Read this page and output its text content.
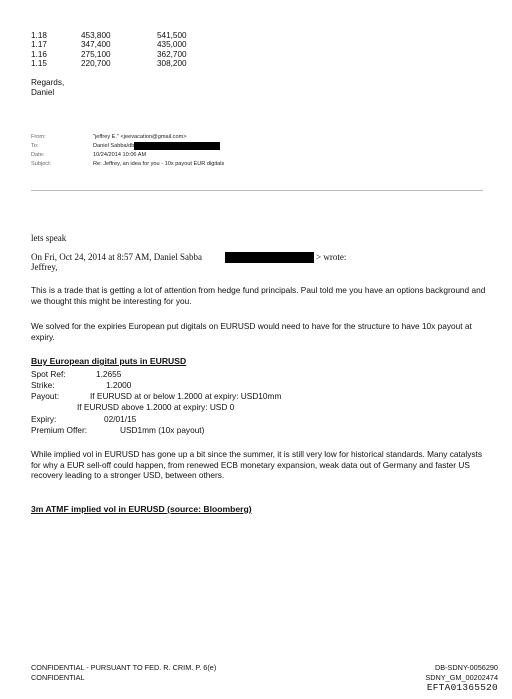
1.18	453,800	541,500
1.17	347,400	435,000
1.16	275,100	362,700
1.15	220,700	308,200
Regards,
Daniel
From:	"jeffrey E." <jeevacation@gmail.com>
To:	Daniel Sabba/db
Date:	10/24/2014 10:06 AM
Subject:	Re: Jeffrey, an idea for you - 10x payout EUR digitals
lets speak
On Fri, Oct 24, 2014 at 8:57 AM, Daniel Sabba	> wrote:
Jeffrey,
This is a trade that is getting a lot of attention from hedge fund principals. Paul told me you have an options background and we thought this might be interesting for you.
We solved for the expiries European put digitals on EURUSD would need to have for the structure to have 10x payout at expiry.
Buy European digital puts in EURUSD
Spot Ref:	1.2655
Strike:	1.2000
Payout:	If EURUSD at or below 1.2000 at expiry: USD10mm
If EURUSD above 1.2000 at expiry: USD 0
Expiry:	02/01/15
Premium Offer:	USD1mm (10x payout)
While implied vol in EURUSD has gone up a bit since the summer, it is still very low for historical standards. Many catalysts for why a EUR sell-off could happen, from renewed ECB monetary expansion, weak data out of Germany and faster US recovery leading to a stronger USD, between others.
3m ATMF implied vol in EURUSD (source: Bloomberg)
CONFIDENTIAL - PURSUANT TO FED. R. CRIM. P. 6(e)
CONFIDENTIAL
DB-SDNY-0056290
SDNY_GM_00202474
EFTA01365520
